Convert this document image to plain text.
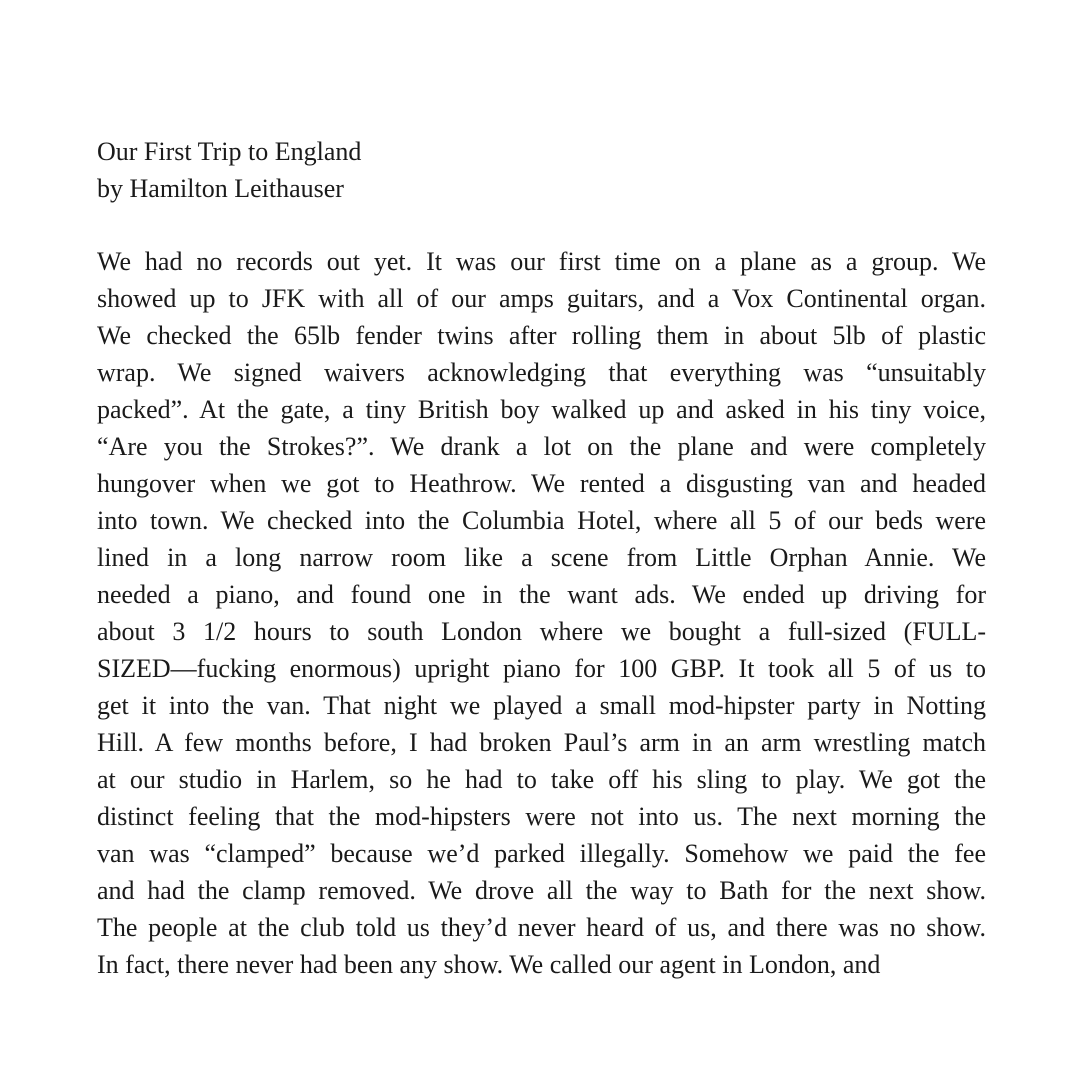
Our First Trip to England
by Hamilton Leithauser
We had no records out yet. It was our first time on a plane as a group. We
showed up to JFK with all of our amps guitars, and a Vox Continental organ.
We checked the 65lb fender twins after rolling them in about 5lb of plastic
wrap. We signed waivers acknowledging that everything was “unsuitably
packed”. At the gate, a tiny British boy walked up and asked in his tiny voice,
“Are you the Strokes?”. We drank a lot on the plane and were completely
hungover when we got to Heathrow. We rented a disgusting van and headed
into town. We checked into the Columbia Hotel, where all 5 of our beds were
lined in a long narrow room like a scene from Little Orphan Annie. We
needed a piano, and found one in the want ads. We ended up driving for
about 3 1/2 hours to south London where we bought a full-sized (FULL-
SIZED—fucking enormous) upright piano for 100 GBP. It took all 5 of us to
get it into the van. That night we played a small mod-hipster party in Notting
Hill. A few months before, I had broken Paul’s arm in an arm wrestling match
at our studio in Harlem, so he had to take off his sling to play. We got the
distinct feeling that the mod-hipsters were not into us. The next morning the
van was “clamped” because we’d parked illegally. Somehow we paid the fee
and had the clamp removed. We drove all the way to Bath for the next show.
The people at the club told us they’d never heard of us, and there was no show.
In fact, there never had been any show. We called our agent in London, and
